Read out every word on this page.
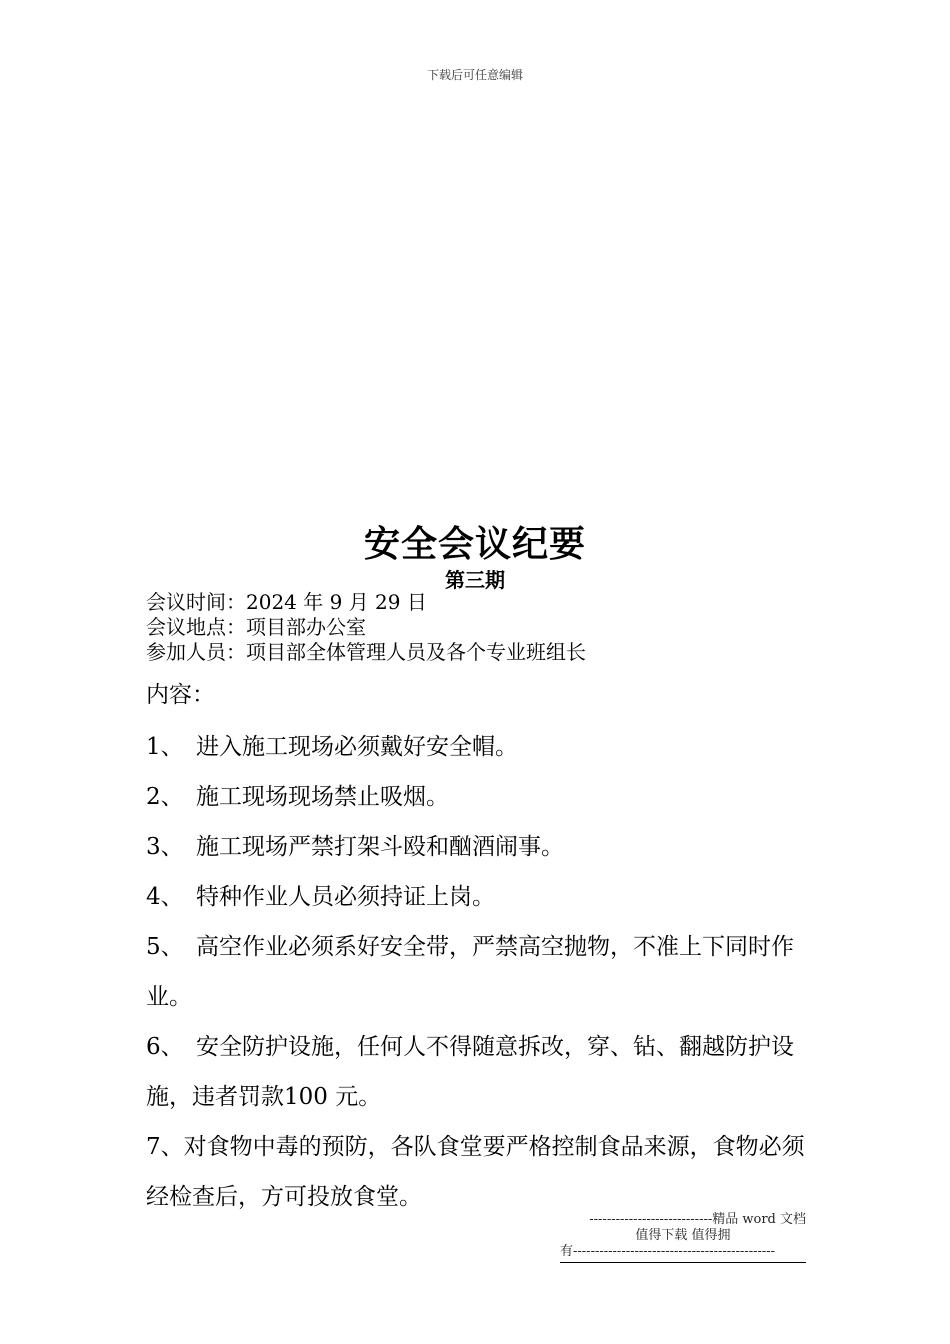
下载后可任意编辑
安全会议纪要
第三期
会议时间：2024 年 9 月 29 日
会议地点：项目部办公室
参加人员：项目部全体管理人员及各个专业班组长
内容：
1、 进入施工现场必须戴好安全帽。
2、 施工现场现场禁止吸烟。
3、 施工现场严禁打架斗殴和酗酒闹事。
4、 特种作业人员必须持证上岗。
5、 高空作业必须系好安全带，严禁高空抛物，不准上下同时作业。
6、 安全防护设施，任何人不得随意拆改，穿、钻、翻越防护设施，违者罚款100 元。
7、对食物中毒的预防，各队食堂要严格控制食品来源，食物必须经检查后，方可投放食堂。
----------------------------精品 word 文档
值得下载 值得拥
有----------------------------------------------
